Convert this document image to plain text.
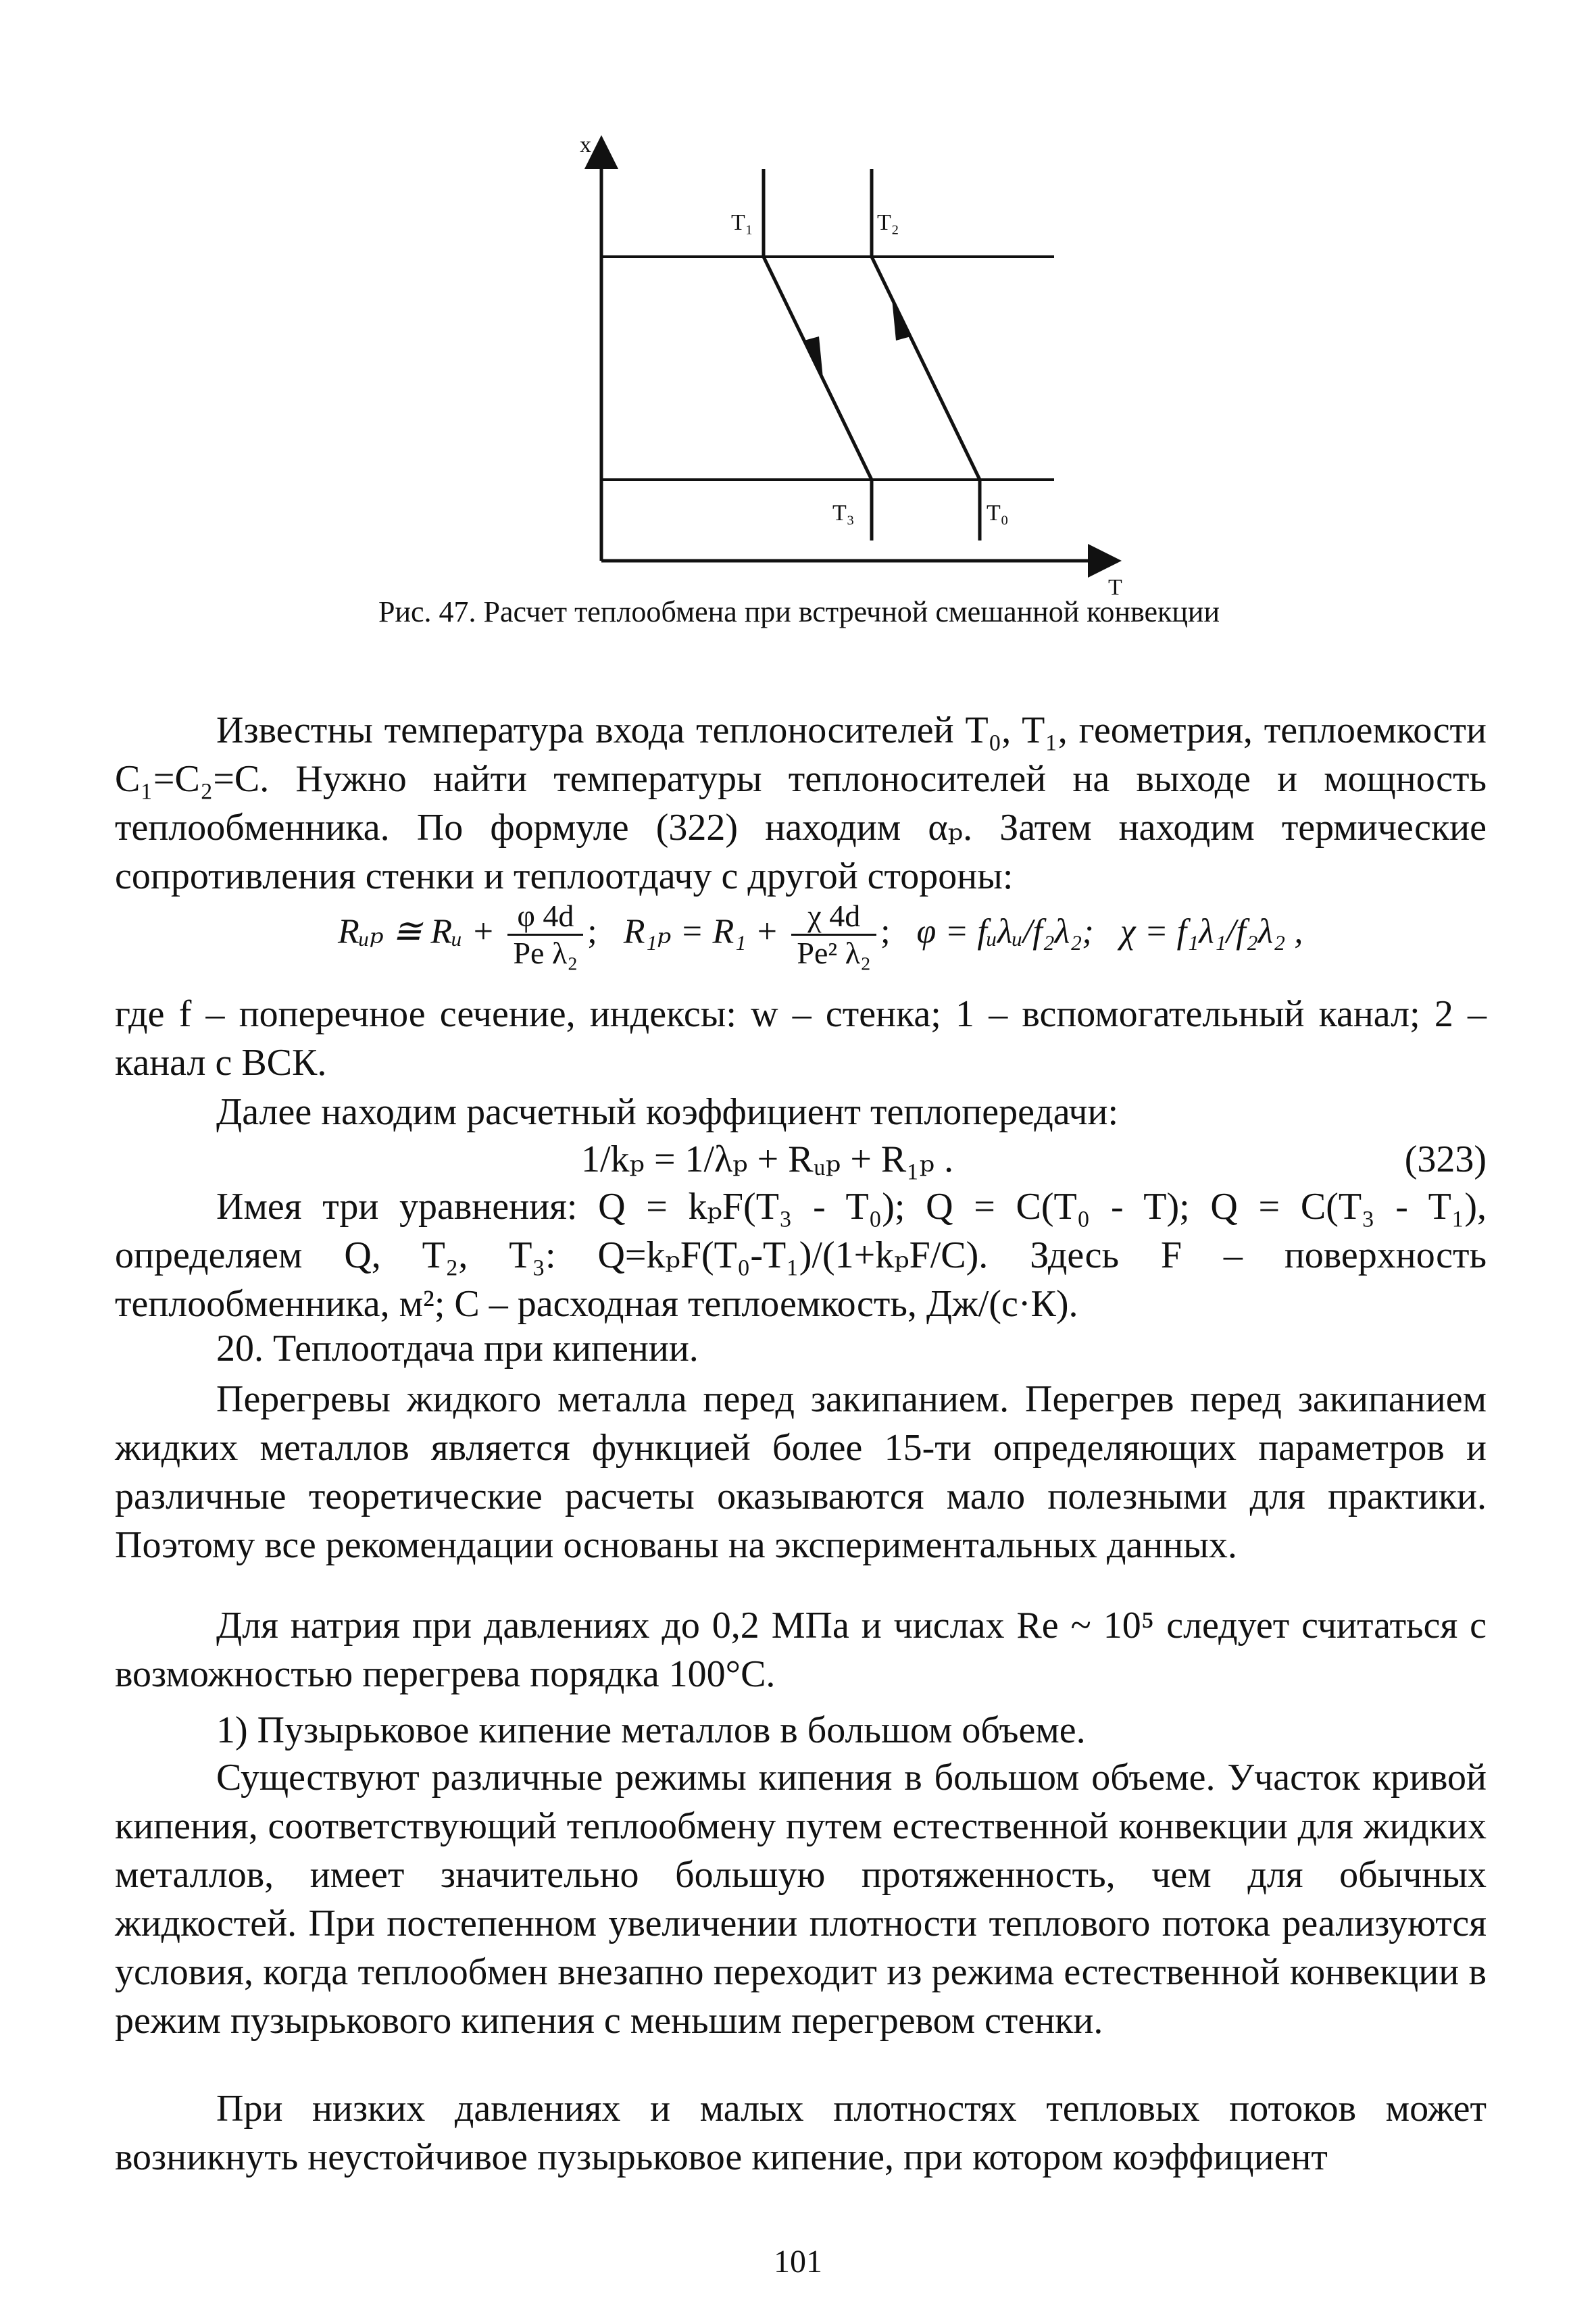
x
T
T₁	T₂
T₃	T₀
Рис. 47. Расчет теплообмена при встречной смешанной конвекции
Известны температура входа теплоносителей T₀, T₁, геометрия, теплоемкости C₁=C₂=C. Нужно найти температуры теплоносителей на выходе и мощность теплообменника. По формуле (322) находим αₚ. Затем находим термические сопротивления стенки и теплоотдачу с другой стороны:
Rᵤₚ ≅ Rᵤ + $\frac{\varphi 4d}{\text{Pe λ₂}}$ ; $R_{1p} = R_1 + \frac{\chi 4d}{\text{Pe² λ₂}}$ ; φ = fᵤλᵤ/f₂λ₂; χ = f₁λ₁/f₂λ₂ ,
где f – поперечное сечение, индексы: w – стенка; 1 – вспомогательный канал; 2 – канал с ВСК.
Далее находим расчетный коэффициент теплопередачи:
1/kₚ = 1/λₚ + Rᵤₚ + R₁ₚ .	(323)
Имея три уравнения: Q = kₚF(T₃ - T₀); Q = C(T₀ - T); Q = C(T₃ - T₁), определяем Q, T₂, T₃: Q=kₚF(T₀-T₁)/(1+kₚF/C). Здесь F – поверхность теплообменника, м²; C – расходная теплоемкость, Дж/(с·К).
20. Теплоотдача при кипении.
Перегревы жидкого металла перед закипанием. Перегрев перед закипанием жидких металлов является функцией более 15-ти определяющих параметров и различные теоретические расчеты оказываются мало полезными для практики. Поэтому все рекомендации основаны на экспериментальных данных.
Для натрия при давлениях до 0,2 МПа и числах Re ~ 10⁵ следует считаться с возможностью перегрева порядка 100°С.
1) Пузырьковое кипение металлов в большом объеме.
Существуют различные режимы кипения в большом объеме. Участок кривой кипения, соответствующий теплообмену путем естественной конвекции для жидких металлов, имеет значительно большую протяженность, чем для обычных жидкостей. При постепенном увеличении плотности теплового потока реализуются условия, когда теплообмен внезапно переходит из режима естественной конвекции в режим пузырькового кипения с меньшим перегревом стенки.
При низких давлениях и малых плотностях тепловых потоков может возникнуть неустойчивое пузырьковое кипение, при котором коэффициент
101
